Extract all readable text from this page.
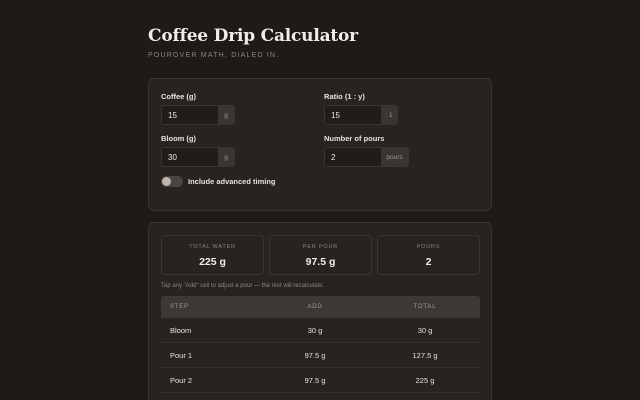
Coffee Drip Calculator
POUROVER MATH, DIALED IN.
Coffee (g)
15
g
Ratio (1 : y)
15
: 1
Bloom (g)
30
g
Number of pours
2
pours
Include advanced timing
TOTAL WATER
225 g
PER POUR
97.5 g
POURS
2
Tap any "Add" cell to adjust a pour — the rest will recalculate.
STEP	ADD	TOTAL
Bloom	30 g	30 g
Pour 1	97.5 g	127.5 g
Pour 2	97.5 g	225 g
